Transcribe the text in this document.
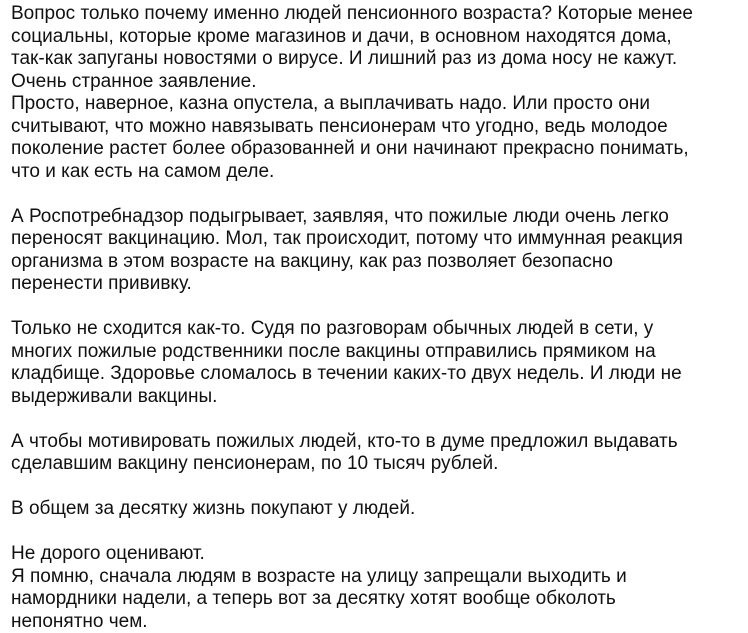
Вопрос только почему именно людей пенсионного возраста? Которые менее
социальны, которые кроме магазинов и дачи, в основном находятся дома,
так-как запуганы новостями о вирусе. И лишний раз из дома носу не кажут.
Очень странное заявление.
Просто, наверное, казна опустела, а выплачивать надо. Или просто они
считывают, что можно навязывать пенсионерам что угодно, ведь молодое
поколение растет более образованней и они начинают прекрасно понимать,
что и как есть на самом деле.

А Роспотребнадзор подыгрывает, заявляя, что пожилые люди очень легко
переносят вакцинацию. Мол, так происходит, потому что иммунная реакция
организма в этом возрасте на вакцину, как раз позволяет безопасно
перенести прививку.

Только не сходится как-то. Судя по разговорам обычных людей в сети, у
многих пожилые родственники после вакцины отправились прямиком на
кладбище. Здоровье сломалось в течении каких-то двух недель. И люди не
выдерживали вакцины.

А чтобы мотивировать пожилых людей, кто-то в думе предложил выдавать
сделавшим вакцину пенсионерам, по 10 тысяч рублей.

В общем за десятку жизнь покупают у людей.

Не дорого оценивают.
Я помню, сначала людям в возрасте на улицу запрещали выходить и
намордники надели, а теперь вот за десятку хотят вообще обколоть
непонятно чем.
